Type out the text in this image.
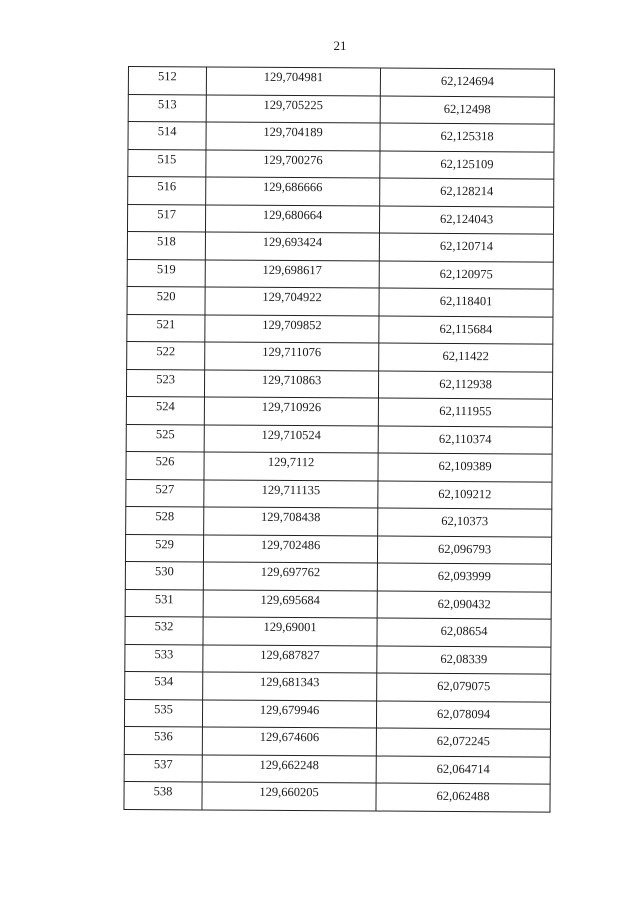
21
512	129,704981	62,124694
513	129,705225	62,12498
514	129,704189	62,125318
515	129,700276	62,125109
516	129,686666	62,128214
517	129,680664	62,124043
518	129,693424	62,120714
519	129,698617	62,120975
520	129,704922	62,118401
521	129,709852	62,115684
522	129,711076	62,11422
523	129,710863	62,112938
524	129,710926	62,111955
525	129,710524	62,110374
526	129,7112	62,109389
527	129,711135	62,109212
528	129,708438	62,10373
529	129,702486	62,096793
530	129,697762	62,093999
531	129,695684	62,090432
532	129,69001	62,08654
533	129,687827	62,08339
534	129,681343	62,079075
535	129,679946	62,078094
536	129,674606	62,072245
537	129,662248	62,064714
538	129,660205	62,062488
